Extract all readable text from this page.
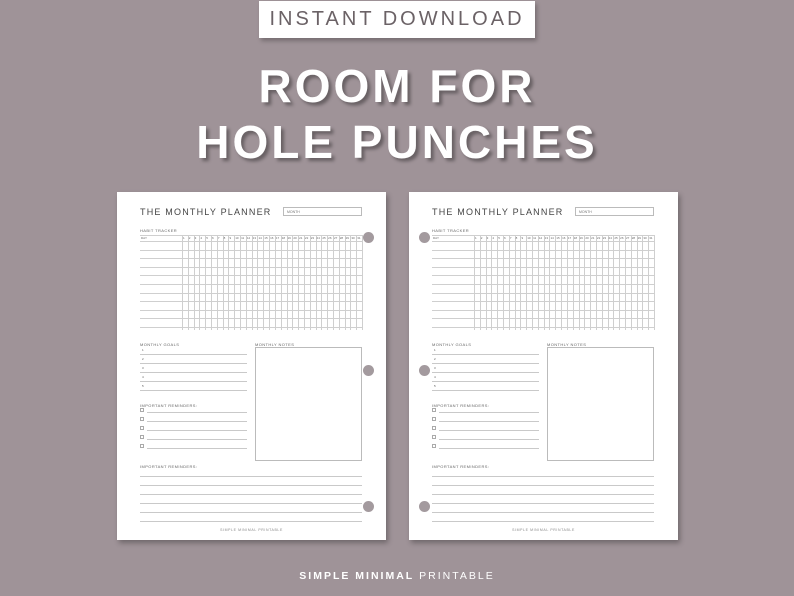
INSTANT DOWNLOAD
ROOM FOR
HOLE PUNCHES
THE MONTHLY PLANNER	MONTH
HABIT TRACKER
DAY	1 2 3 4 5 6 7 8 9 10 11 12 13 14 15 16 17 18 19 20 21 22 23 24 25 26 27 28 29 30 31
MONTHLY GOALS	MONTHLY NOTES
IMPORTANT REMINDERS:
IMPORTANT REMINDERS:
SIMPLE MINIMAL PRINTABLE
1
2
3
4
5
THE MONTHLY PLANNER	MONTH
HABIT TRACKER
DAY	1 2 3 4 5 6 7 8 9 10 11 12 13 14 15 16 17 18 19 20 21 22 23 24 25 26 27 28 29 30 31
MONTHLY GOALS	MONTHLY NOTES
IMPORTANT REMINDERS:
IMPORTANT REMINDERS:
SIMPLE MINIMAL PRINTABLE
1
2
3
4
5
SIMPLE MINIMAL PRINTABLE
